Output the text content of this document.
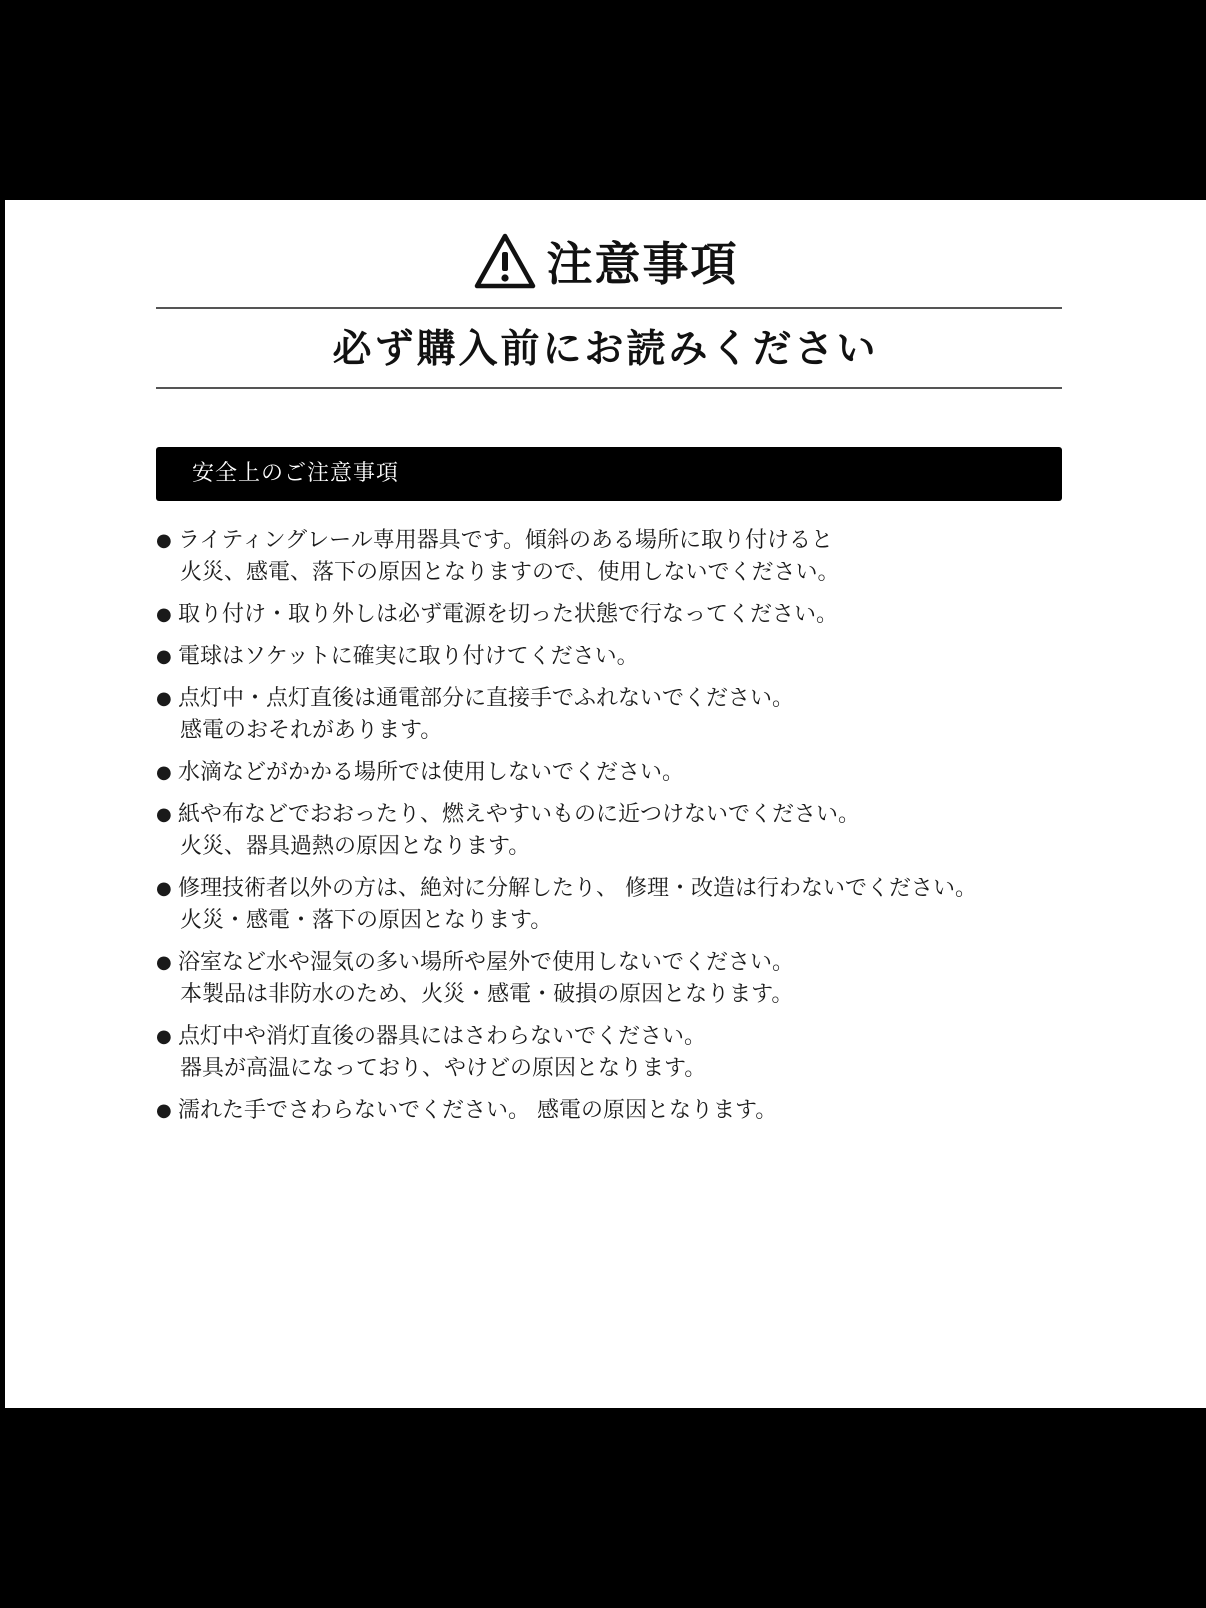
注意事項
必ず購入前にお読みください
安全上のご注意事項
● ライティングレール専用器具です。傾斜のある場所に取り付けると
火災、感電、落下の原因となりますので、使用しないでください。
● 取り付け・取り外しは必ず電源を切った状態で行なってください。
● 電球はソケットに確実に取り付けてください。
● 点灯中・点灯直後は通電部分に直接手でふれないでください。
感電のおそれがあります。
● 水滴などがかかる場所では使用しないでください。
● 紙や布などでおおったり、燃えやすいものに近つけないでください。
火災、器具過熱の原因となります。
● 修理技術者以外の方は、絶対に分解したり、 修理・改造は行わないでください。
火災・感電・落下の原因となります。
● 浴室など水や湿気の多い場所や屋外で使用しないでください。
本製品は非防水のため、火災・感電・破損の原因となります。
● 点灯中や消灯直後の器具にはさわらないでください。
器具が高温になっており、やけどの原因となります。
● 濡れた手でさわらないでください。 感電の原因となります。
